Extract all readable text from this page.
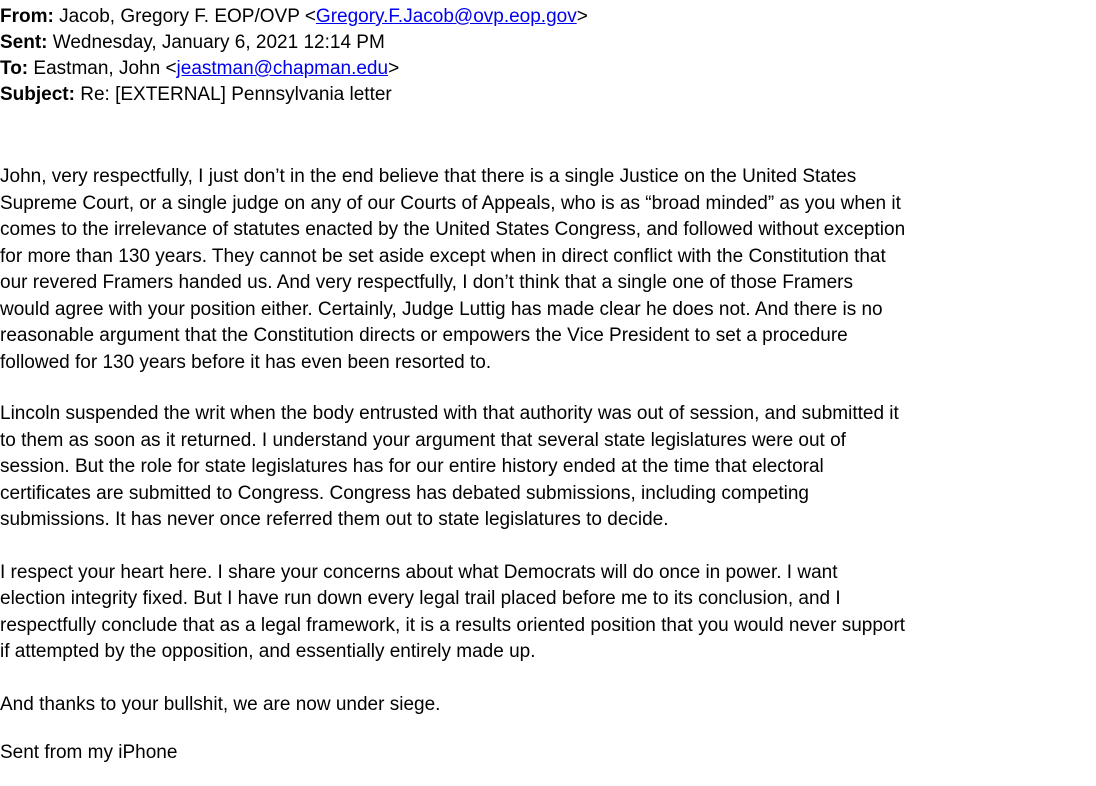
From: Jacob, Gregory F. EOP/OVP <Gregory.F.Jacob@ovp.eop.gov>
Sent: Wednesday, January 6, 2021 12:14 PM
To: Eastman, John <jeastman@chapman.edu>
Subject: Re: [EXTERNAL] Pennsylvania letter

John, very respectfully, I just don’t in the end believe that there is a single Justice on the United States
Supreme Court, or a single judge on any of our Courts of Appeals, who is as “broad minded” as you when it
comes to the irrelevance of statutes enacted by the United States Congress, and followed without exception
for more than 130 years. They cannot be set aside except when in direct conflict with the Constitution that
our revered Framers handed us. And very respectfully, I don’t think that a single one of those Framers
would agree with your position either. Certainly, Judge Luttig has made clear he does not. And there is no
reasonable argument that the Constitution directs or empowers the Vice President to set a procedure
followed for 130 years before it has even been resorted to.

Lincoln suspended the writ when the body entrusted with that authority was out of session, and submitted it
to them as soon as it returned. I understand your argument that several state legislatures were out of
session. But the role for state legislatures has for our entire history ended at the time that electoral
certificates are submitted to Congress. Congress has debated submissions, including competing
submissions. It has never once referred them out to state legislatures to decide.

I respect your heart here. I share your concerns about what Democrats will do once in power. I want
election integrity fixed. But I have run down every legal trail placed before me to its conclusion, and I
respectfully conclude that as a legal framework, it is a results oriented position that you would never support
if attempted by the opposition, and essentially entirely made up.

And thanks to your bullshit, we are now under siege.

Sent from my iPhone
